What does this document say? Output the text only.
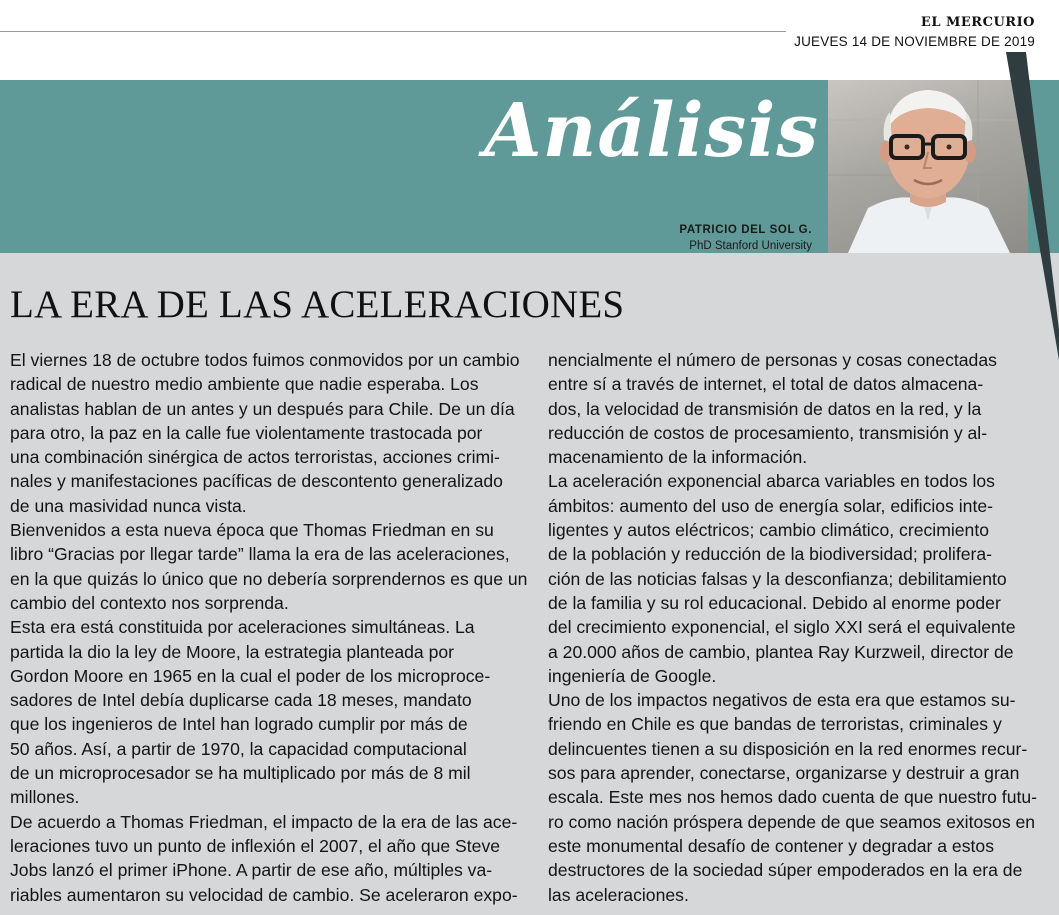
EL MERCURIO
JUEVES 14 DE NOVIEMBRE DE 2019
Análisis
PATRICIO DEL SOL G.
PhD Stanford University
LA ERA DE LAS ACELERACIONES

El viernes 18 de octubre todos fuimos conmovidos por un cambio
radical de nuestro medio ambiente que nadie esperaba. Los
analistas hablan de un antes y un después para Chile. De un día
para otro, la paz en la calle fue violentamente trastocada por
una combinación sinérgica de actos terroristas, acciones crimi-
nales y manifestaciones pacíficas de descontento generalizado
de una masividad nunca vista.

Bienvenidos a esta nueva época que Thomas Friedman en su
libro “Gracias por llegar tarde” llama la era de las aceleraciones,
en la que quizás lo único que no debería sorprendernos es que un
cambio del contexto nos sorprenda.

Esta era está constituida por aceleraciones simultáneas. La
partida la dio la ley de Moore, la estrategia planteada por
Gordon Moore en 1965 en la cual el poder de los microproce-
sadores de Intel debía duplicarse cada 18 meses, mandato
que los ingenieros de Intel han logrado cumplir por más de
50 años. Así, a partir de 1970, la capacidad computacional
de un microprocesador se ha multiplicado por más de 8 mil
millones.

De acuerdo a Thomas Friedman, el impacto de la era de las ace-
leraciones tuvo un punto de inflexión el 2007, el año que Steve
Jobs lanzó el primer iPhone. A partir de ese año, múltiples va-
riables aumentaron su velocidad de cambio. Se aceleraron expo-

nencialmente el número de personas y cosas conectadas
entre sí a través de internet, el total de datos almacena-
dos, la velocidad de transmisión de datos en la red, y la
reducción de costos de procesamiento, transmisión y al-
macenamiento de la información.

La aceleración exponencial abarca variables en todos los
ámbitos: aumento del uso de energía solar, edificios inte-
ligentes y autos eléctricos; cambio climático, crecimiento
de la población y reducción de la biodiversidad; prolifera-
ción de las noticias falsas y la desconfianza; debilitamiento
de la familia y su rol educacional. Debido al enorme poder
del crecimiento exponencial, el siglo XXI será el equivalente
a 20.000 años de cambio, plantea Ray Kurzweil, director de
ingeniería de Google.

Uno de los impactos negativos de esta era que estamos su-
friendo en Chile es que bandas de terroristas, criminales y
delincuentes tienen a su disposición en la red enormes recur-
sos para aprender, conectarse, organizarse y destruir a gran
escala. Este mes nos hemos dado cuenta de que nuestro futu-
ro como nación próspera depende de que seamos exitosos en
este monumental desafío de contener y degradar a estos
destructores de la sociedad súper empoderados en la era de
las aceleraciones.
